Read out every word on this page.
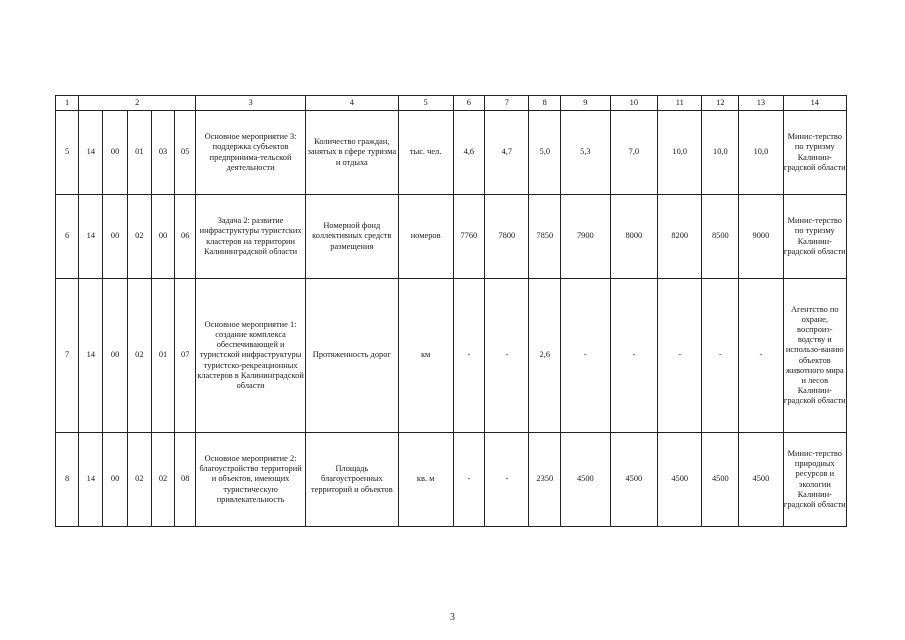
1	2					3	4	5	6	7	8	9	10	11	12	13	14
5	14	00	01	03	05	Основное мероприятие 3: поддержка субъектов предпринима-тельской деятельности	Количество граждан, занятых в сфере туризма и отдыха	тыс. чел.	4,6	4,7	5,0	5,3	7,0	10,0	10,0	10,0	Минис-терство по туризму Калинин-градской области
6	14	00	02	00	06	Задача 2: развитие инфраструктуры туристских кластеров на территории Калининградской области	Номерной фонд коллективных средств размещения	номеров	7760	7800	7850	7900	8000	8200	8500	9000	Минис-терство по туризму Калинин-градской области
7	14	00	02	01	07	Основное мероприятие 1: создание комплекса обеспечивающей и туристской инфраструктуры туристско-рекреационных кластеров в Калининградской области	Протяженность дорог	км	-	-	2,6	-	-	-	-	-	Агентство по охране, воспроиз-водству и использо-ванию объектов животного мира и лесов Калинин-градской области
8	14	00	02	02	08	Основное мероприятие 2: благоустройство территорий и объектов, имеющих туристическую привлекательность	Площадь благоустроенных территорий и объектов	кв. м	-	-	2350	4500	4500	4500	4500	4500	Минис-терство природных ресурсов и экологии Калинин-градской области
3
